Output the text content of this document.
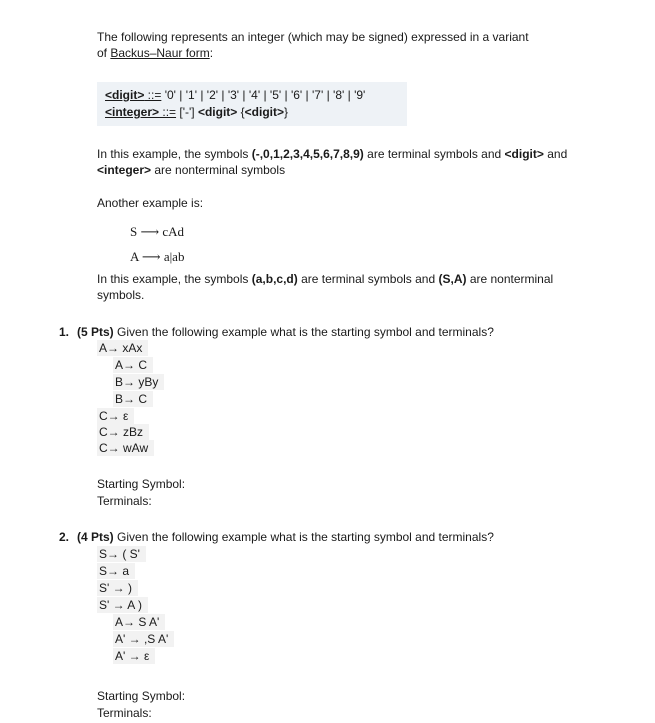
The following represents an integer (which may be signed) expressed in a variant
of Backus–Naur form:
<digit> ::= '0' | '1' | '2' | '3' | '4' | '5' | '6' | '7' | '8' | '9'
<integer> ::= ['-'] <digit> {<digit>}
In this example, the symbols (-,0,1,2,3,4,5,6,7,8,9) are terminal symbols and <digit> and
<integer> are nonterminal symbols
Another example is:
S ⟶ cAd
A ⟶ a|ab
In this example, the symbols (a,b,c,d) are terminal symbols and (S,A) are nonterminal
symbols.
1. (5 Pts) Given the following example what is the starting symbol and terminals?
A→ xAx
A→ C
B→ yBy
B→ C
C→ ε
C→ zBz
C→ wAw
Starting Symbol:
Terminals:
2. (4 Pts) Given the following example what is the starting symbol and terminals?
S→ ( S'
S→ a
S' → )
S' → A )
A→ S A'
A' → ,S A'
A' → ε
Starting Symbol:
Terminals:
